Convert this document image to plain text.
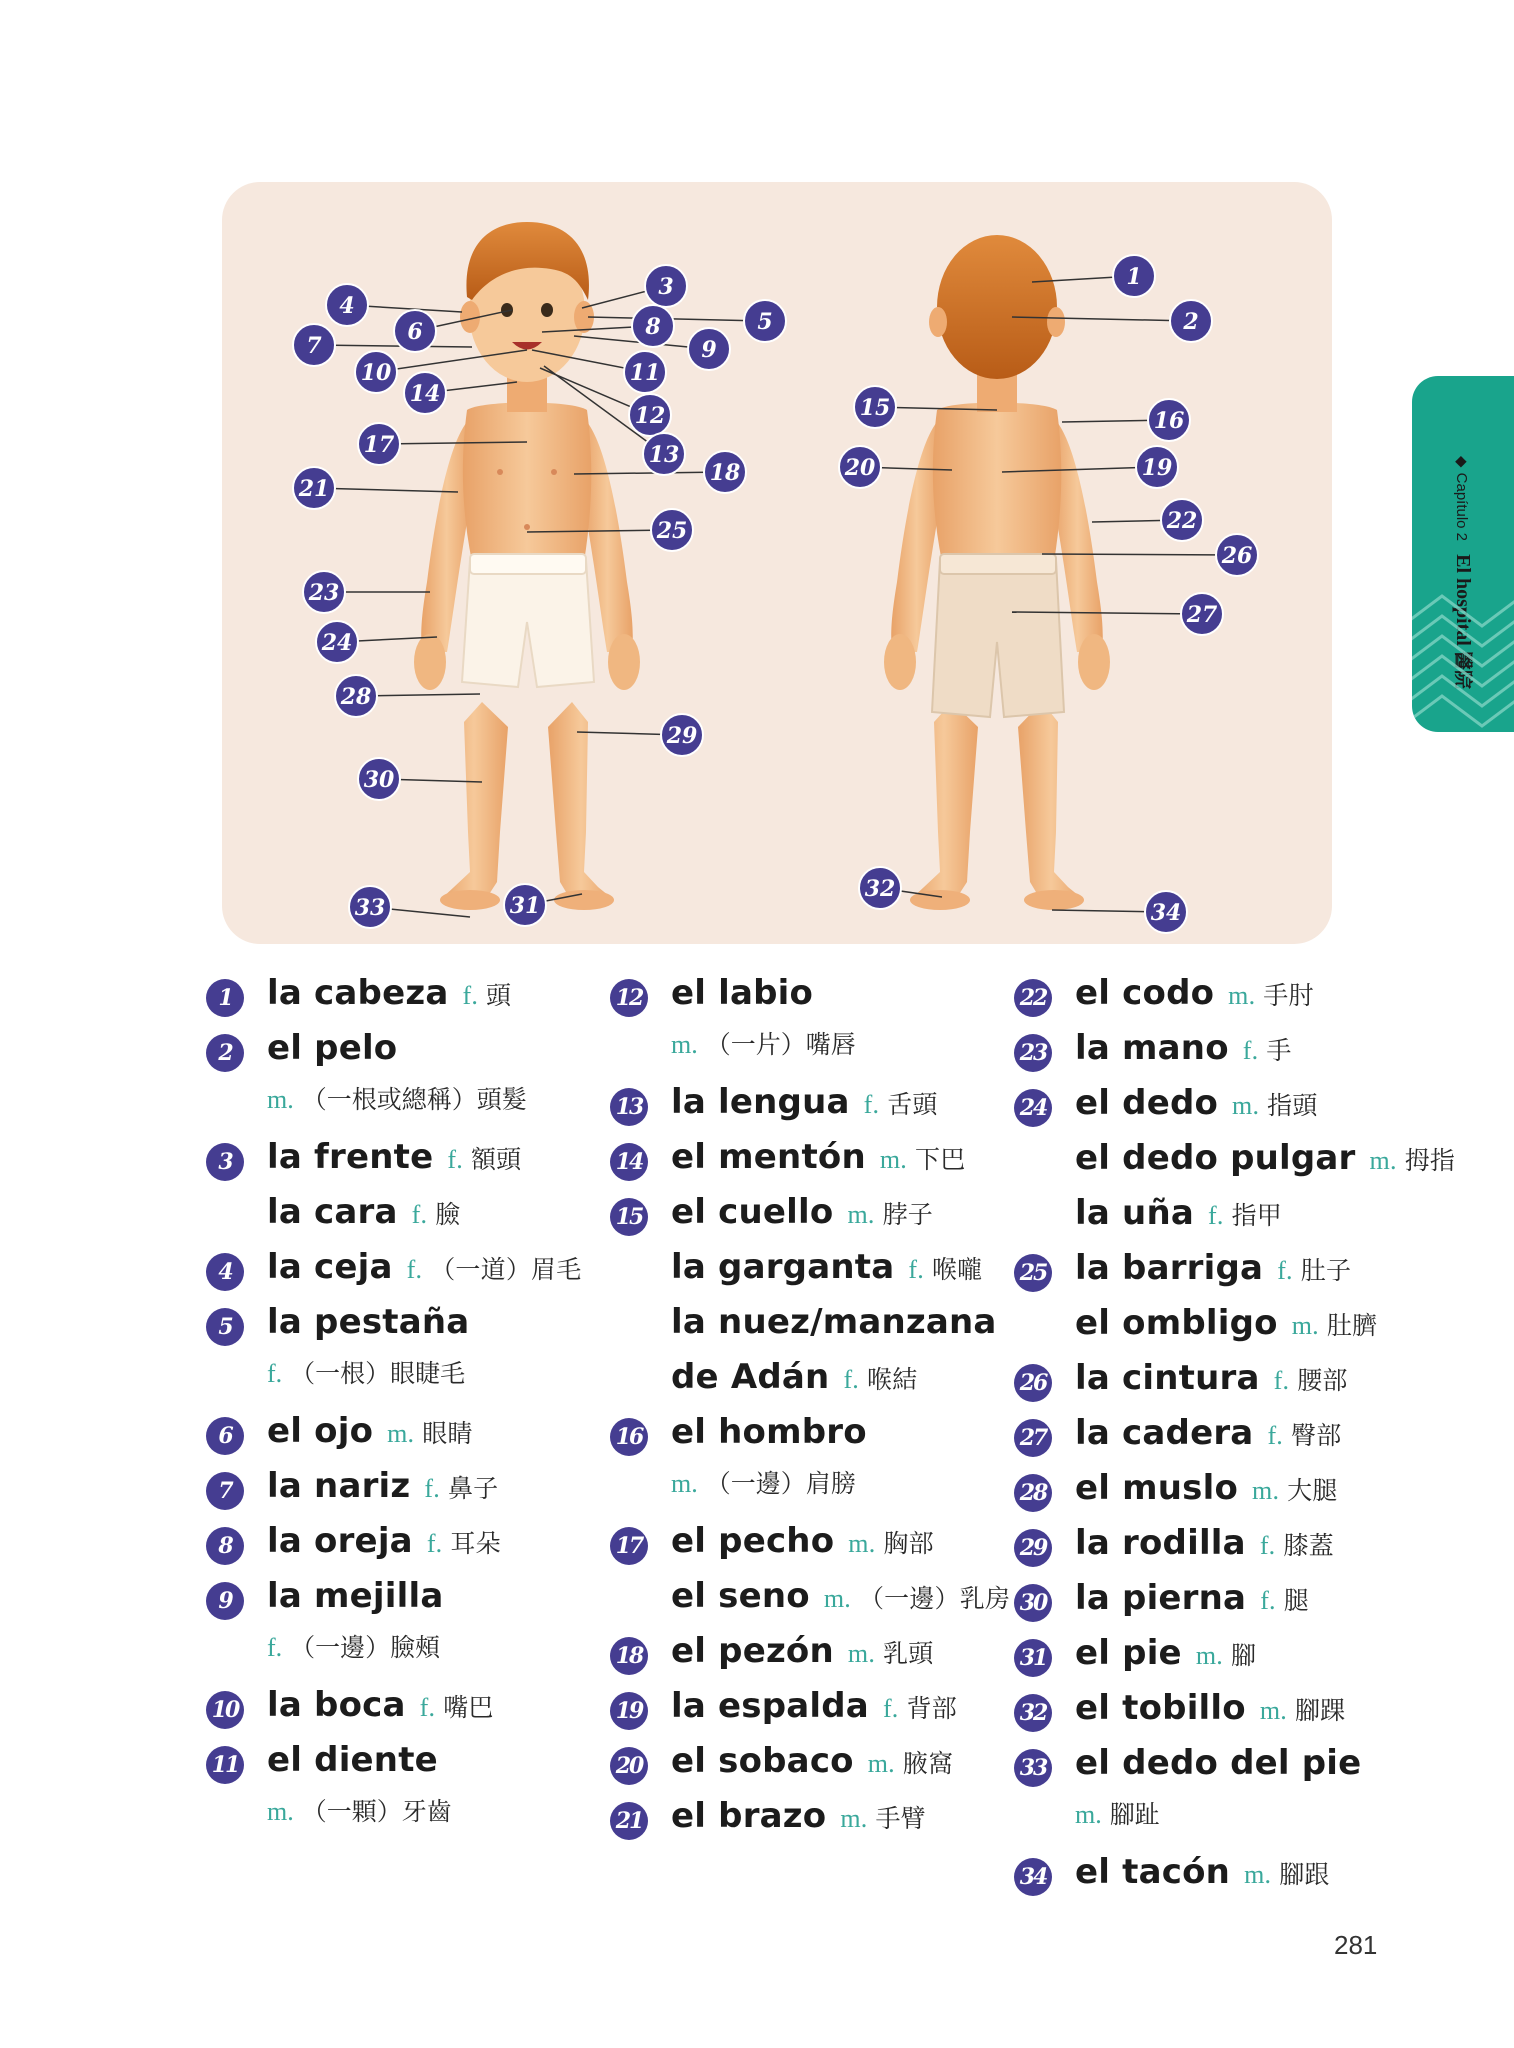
◆ Capítulo 2 El hospital 醫院
4
3
7
6	8	5
9
10	11
14
12
17	13
18
21
25
23
24
28
29
30
33	31
1
2
15	16
20	19
22
26
27
32
34
1	la cabeza f. 頭
2	el pelo
m. （一根或總稱）頭髮
3	la frente f. 額頭
la cara f. 臉
4	la ceja f. （一道）眉毛
5	la pestaña
f. （一根）眼睫毛
6	el ojo m. 眼睛
7	la nariz f. 鼻子
8	la oreja f. 耳朵
9	la mejilla
f. （一邊）臉頰
10 la boca f. 嘴巴
11 el diente
m. （一顆）牙齒
12 el labio
m. （一片）嘴唇
13 la lengua f. 舌頭
14 el mentón m. 下巴
15 el cuello m. 脖子
la garganta f. 喉嚨
la nuez/manzana
de Adán f. 喉結
16 el hombro
m. （一邊）肩膀
17 el pecho m. 胸部
el seno m. （一邊）乳房
18 el pezón m. 乳頭
19 la espalda f. 背部
20 el sobaco m. 腋窩
21 el brazo m. 手臂
22 el codo m. 手肘
23 la mano f. 手
24 el dedo m. 指頭
el dedo pulgar m. 拇指
la uña f. 指甲
25 la barriga f. 肚子
el ombligo m. 肚臍
26 la cintura f. 腰部
27 la cadera f. 臀部
28 el muslo m. 大腿
29 la rodilla f. 膝蓋
30 la pierna f. 腿
31 el pie m. 腳
32 el tobillo m. 腳踝
33 el dedo del pie
m. 腳趾
34 el tacón m. 腳跟
281
